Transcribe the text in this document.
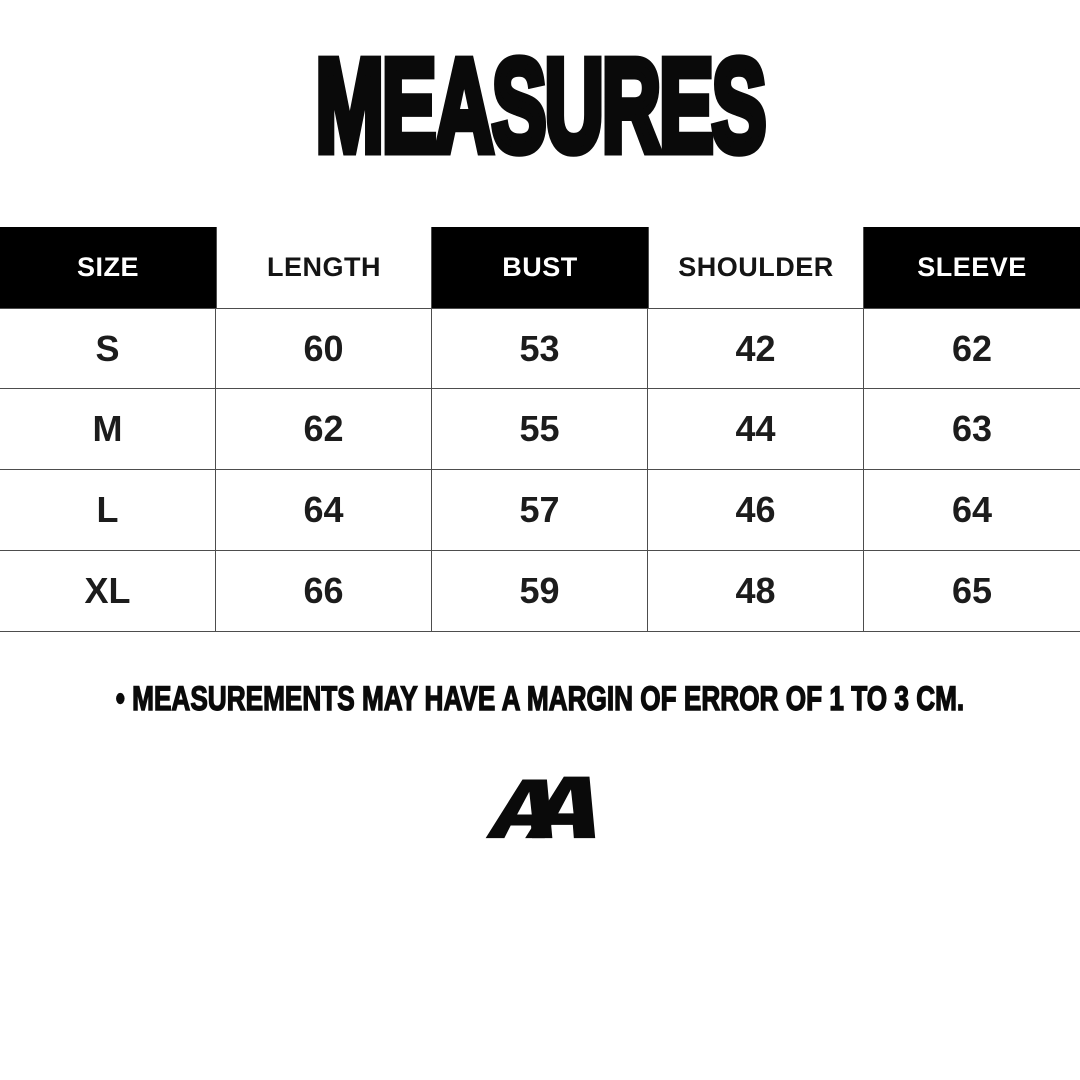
MEASURES
SIZE	LENGTH	BUST	SHOULDER	SLEEVE
S	60	53	42	62
M	62	55	44	63
L	64	57	46	64
XL	66	59	48	65
• MEASUREMENTS MAY HAVE A MARGIN OF ERROR OF 1 TO 3 CM.
